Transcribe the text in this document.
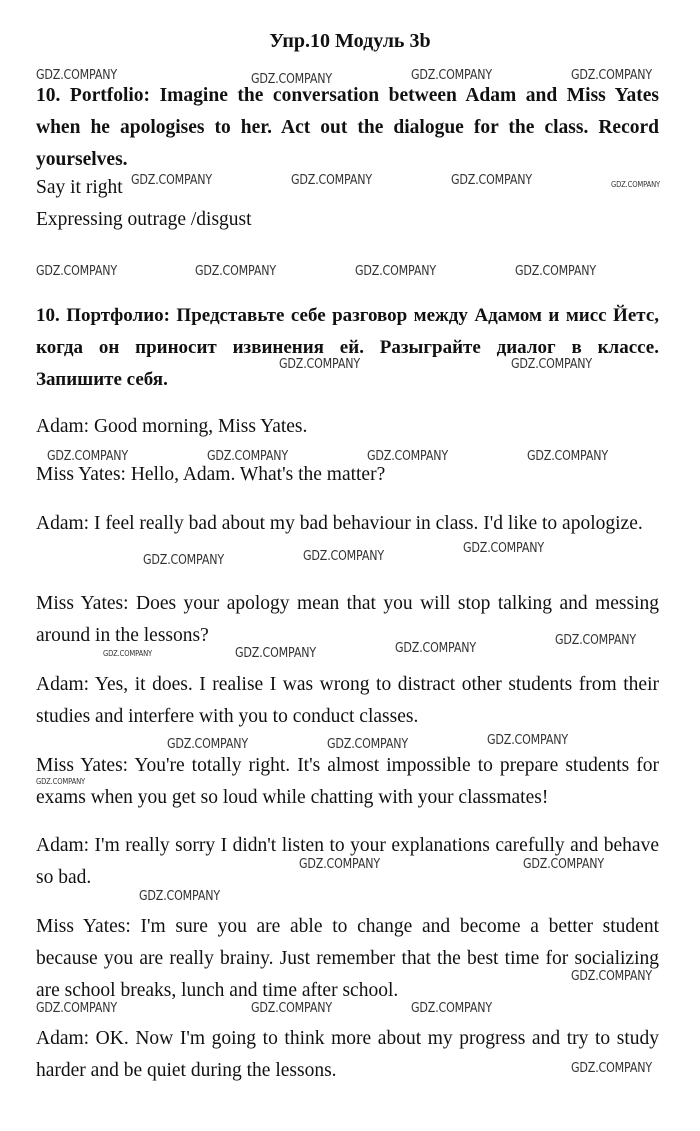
Упр.10 Модуль 3b
10. Portfolio: Imagine the conversation between Adam and Miss Yates when he apologises to her. Act out the dialogue for the class. Record yourselves.
Say it right
Expressing outrage /disgust
10. Портфолио: Представьте себе разговор между Адамом и мисс Йетс, когда он приносит извинения ей. Разыграйте диалог в классе. Запишите себя.
Adam: Good morning, Miss Yates.
Miss Yates: Hello, Adam. What's the matter?
Adam: I feel really bad about my bad behaviour in class. I'd like to apologize.
Miss Yates: Does your apology mean that you will stop talking and messing around in the lessons?
Adam: Yes, it does. I realise I was wrong to distract other students from their studies and interfere with you to conduct classes.
Miss Yates: You're totally right. It's almost impossible to prepare students for exams when you get so loud while chatting with your classmates!
Adam: I'm really sorry I didn't listen to your explanations carefully and behave so bad.
Miss Yates: I'm sure you are able to change and become a better student because you are really brainy. Just remember that the best time for socializing are school breaks, lunch and time after school.
Adam: OK. Now I'm going to think more about my progress and try to study harder and be quiet during the lessons.
GDZ.COMPANY	GDZ.COMPANY	GDZ.COMPANY	GDZ.COMPANY
GDZ.COMPANY	GDZ.COMPANY	GDZ.COMPANY	GDZ.COMPANY
GDZ.COMPANY	GDZ.COMPANY	GDZ.COMPANY	GDZ.COMPANY
GDZ.COMPANY	GDZ.COMPANY
GDZ.COMPANY	GDZ.COMPANY	GDZ.COMPANY	GDZ.COMPANY
GDZ.COMPANY	GDZ.COMPANY	GDZ.COMPANY
GDZ.COMPANY	GDZ.COMPANY	GDZ.COMPANY	GDZ.COMPANY
GDZ.COMPANY	GDZ.COMPANY	GDZ.COMPANY
GDZ.COMPANY
GDZ.COMPANY	GDZ.COMPANY
GDZ.COMPANY
GDZ.COMPANY
GDZ.COMPANY	GDZ.COMPANY	GDZ.COMPANY
GDZ.COMPANY
